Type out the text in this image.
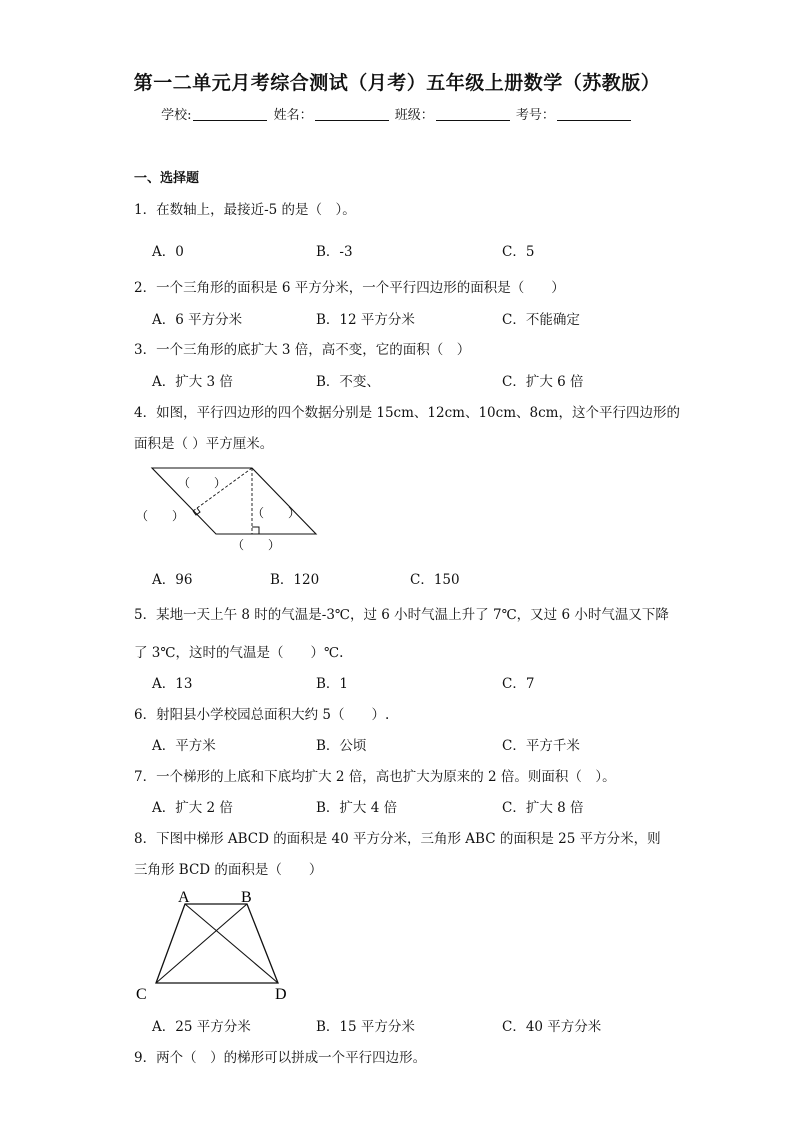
第一二单元月考综合测试（月考）五年级上册数学（苏教版）
学校:	姓名：	班级：	考号：
一、选择题
1．在数轴上，最接近-5 的是（　）。
A．0	B．-3	C．5
2．一个三角形的面积是 6 平方分米，一个平行四边形的面积是（　　）
A．6 平方分米	B．12 平方分米	C．不能确定
3．一个三角形的底扩大 3 倍，高不变，它的面积（　）
A．扩大 3 倍	B．不变、	C．扩大 6 倍
4．如图，平行四边形的四个数据分别是 15cm、12cm、10cm、8cm，这个平行四边形的
面积是（ ）平方厘米。
（　　）
（　　）	（　　）
（　　）
A．96	B．120	C．150
5．某地一天上午 8 时的气温是-3℃，过 6 小时气温上升了 7℃，又过 6 小时气温又下降
了 3℃，这时的气温是（　　）℃.
A．13	B．1	C．7
6．射阳县小学校园总面积大约 5（　　）.
A．平方米	B．公顷	C．平方千米
7．一个梯形的上底和下底均扩大 2 倍，高也扩大为原来的 2 倍。则面积（　）。
A．扩大 2 倍	B．扩大 4 倍	C．扩大 8 倍
8．下图中梯形 ABCD 的面积是 40 平方分米，三角形 ABC 的面积是 25 平方分米，则
三角形 BCD 的面积是（　　）
A	B
C	D
A．25 平方分米	B．15 平方分米	C．40 平方分米
9．两个（　）的梯形可以拼成一个平行四边形。
